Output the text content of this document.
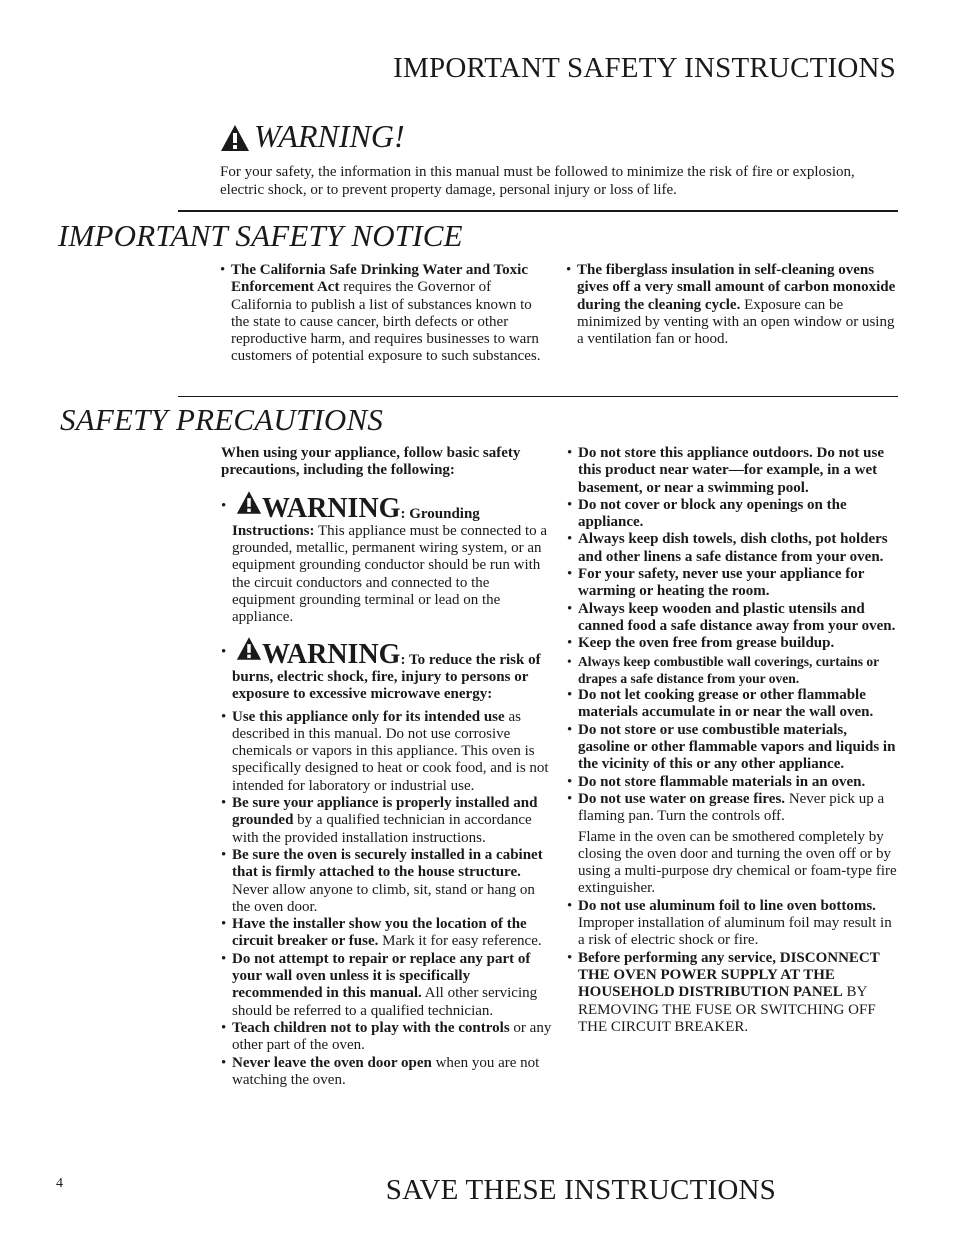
IMPORTANT SAFETY INSTRUCTIONS
WARNING!
For your safety, the information in this manual must be followed to minimize the risk of fire or explosion, electric shock, or to prevent property damage, personal injury or loss of life.
IMPORTANT SAFETY NOTICE

• The California Safe Drinking Water and Toxic Enforcement Act requires the Governor of California to publish a list of substances known to the state to cause cancer, birth defects or other reproductive harm, and requires businesses to warn customers of potential exposure to such substances.

• The fiberglass insulation in self-cleaning ovens gives off a very small amount of carbon monoxide during the cleaning cycle. Exposure can be minimized by venting with an open window or using a ventilation fan or hood.

SAFETY PRECAUTIONS

When using your appliance, follow basic safety precautions, including the following:

• WARNING : Grounding Instructions: This appliance must be connected to a grounded, metallic, permanent wiring system, or an equipment grounding conductor should be run with the circuit conductors and connected to the equipment grounding terminal or lead on the appliance.

• WARNING : To reduce the risk of burns, electric shock, fire, injury to persons or exposure to excessive microwave energy:

• Use this appliance only for its intended use as described in this manual. Do not use corrosive chemicals or vapors in this appliance. This oven is specifically designed to heat or cook food, and is not intended for laboratory or industrial use.

• Be sure your appliance is properly installed and grounded by a qualified technician in accordance with the provided installation instructions.

• Be sure the oven is securely installed in a cabinet that is firmly attached to the house structure. Never allow anyone to climb, sit, stand or hang on the oven door.

• Have the installer show you the location of the circuit breaker or fuse. Mark it for easy reference.

• Do not attempt to repair or replace any part of your wall oven unless it is specifically recommended in this manual. All other servicing should be referred to a qualified technician.

• Teach children not to play with the controls or any other part of the oven.

• Never leave the oven door open when you are not watching the oven.

• Do not store this appliance outdoors. Do not use this product near water—for example, in a wet basement, or near a swimming pool.

• Do not cover or block any openings on the appliance.

• Always keep dish towels, dish cloths, pot holders and other linens a safe distance from your oven.

• For your safety, never use your appliance for warming or heating the room.

• Always keep wooden and plastic utensils and canned food a safe distance away from your oven.

• Keep the oven free from grease buildup.

• Always keep combustible wall coverings, curtains or drapes a safe distance from your oven.

• Do not let cooking grease or other flammable materials accumulate in or near the wall oven.

• Do not store or use combustible materials, gasoline or other flammable vapors and liquids in the vicinity of this or any other appliance.

• Do not store flammable materials in an oven.

• Do not use water on grease fires. Never pick up a flaming pan. Turn the controls off.

Flame in the oven can be smothered completely by closing the oven door and turning the oven off or by using a multi-purpose dry chemical or foam-type fire extinguisher.

• Do not use aluminum foil to line oven bottoms. Improper installation of aluminum foil may result in a risk of electric shock or fire.

• Before performing any service, DISCONNECT THE OVEN POWER SUPPLY AT THE HOUSEHOLD DISTRIBUTION PANEL BY REMOVING THE FUSE OR SWITCHING OFF THE CIRCUIT BREAKER.

4	SAVE THESE INSTRUCTIONS
